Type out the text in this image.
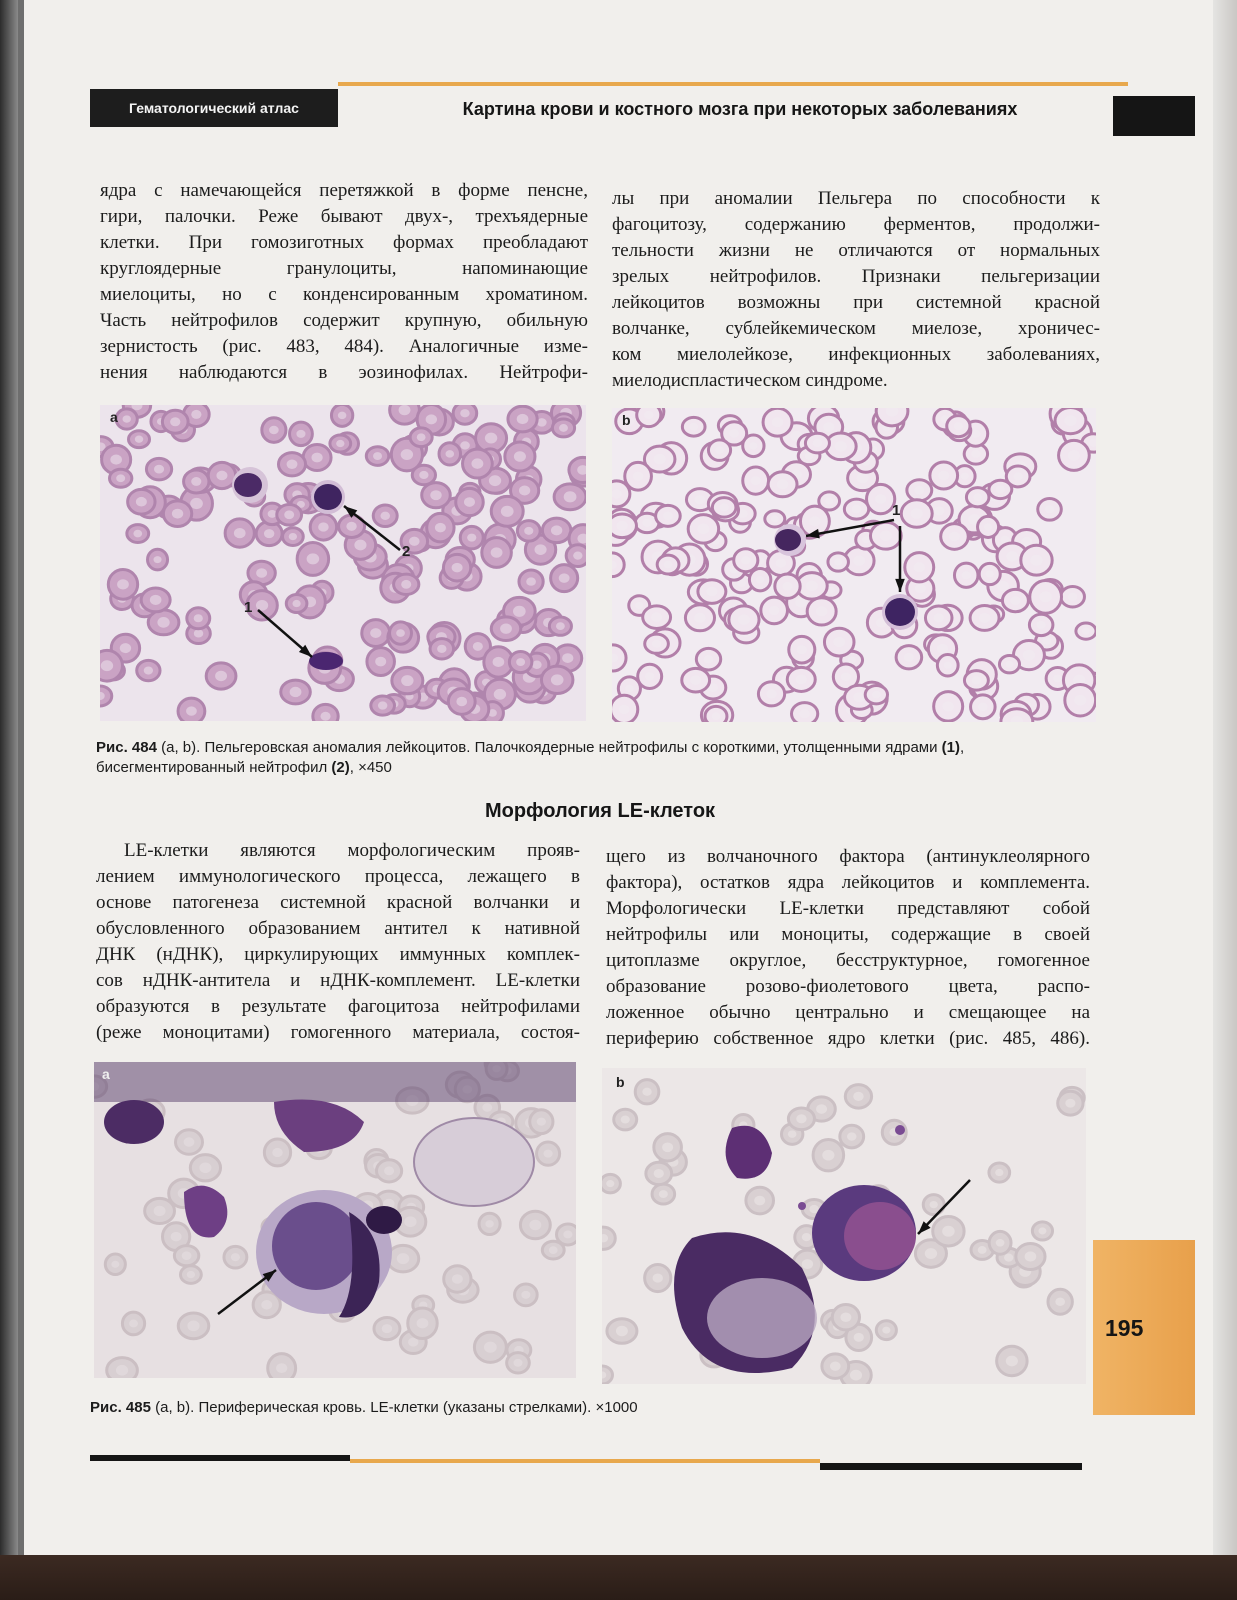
Гематологический атлас	Картина крови и костного мозга при некоторых заболеваниях
ядра с намечающейся перетяжкой в форме пенсне,
гири, палочки. Реже бывают двух-, трехъядерные
клетки. При гомозиготных формах преобладают
круглоядерные гранулоциты, напоминающие
миелоциты, но с конденсированным хроматином.
Часть нейтрофилов содержит крупную, обильную
зернистость (рис. 483, 484). Аналогичные изме-
нения наблюдаются в эозинофилах. Нейтрофи-
лы при аномалии Пельгера по способности к
фагоцитозу, содержанию ферментов, продолжи-
тельности жизни не отличаются от нормальных
зрелых нейтрофилов. Признаки пельгеризации
лейкоцитов возможны при системной красной
волчанке, сублейкемическом миелозе, хроничес-
ком миелолейкозе, инфекционных заболеваниях,
миелодиспластическом синдроме.
a
2
1
b
1
Рис. 484 (a, b). Пельгеровская аномалия лейкоцитов. Палочкоядерные нейтрофилы с короткими, утолщенными ядрами (1), бисегментированный нейтрофил (2), ×450
Морфология LE-клеток
LE-клетки являются морфологическим прояв-
лением иммунологического процесса, лежащего в
основе патогенеза системной красной волчанки и
обусловленного образованием антител к нативной
ДНК (нДНК), циркулирующих иммунных комплек-
сов нДНК-антитела и нДНК-комплемент. LE-клетки
образуются в результате фагоцитоза нейтрофилами
(реже моноцитами) гомогенного материала, состоя-
щего из волчаночного фактора (антинуклеолярного
фактора), остатков ядра лейкоцитов и комплемента.
Морфологически LE-клетки представляют собой
нейтрофилы или моноциты, содержащие в своей
цитоплазме округлое, бесструктурное, гомогенное
образование розово-фиолетового цвета, распо-
ложенное обычно центрально и смещающее на
периферию собственное ядро клетки (рис. 485, 486).
a	b
Рис. 485 (a, b). Периферическая кровь. LE-клетки (указаны стрелками). ×1000
195
